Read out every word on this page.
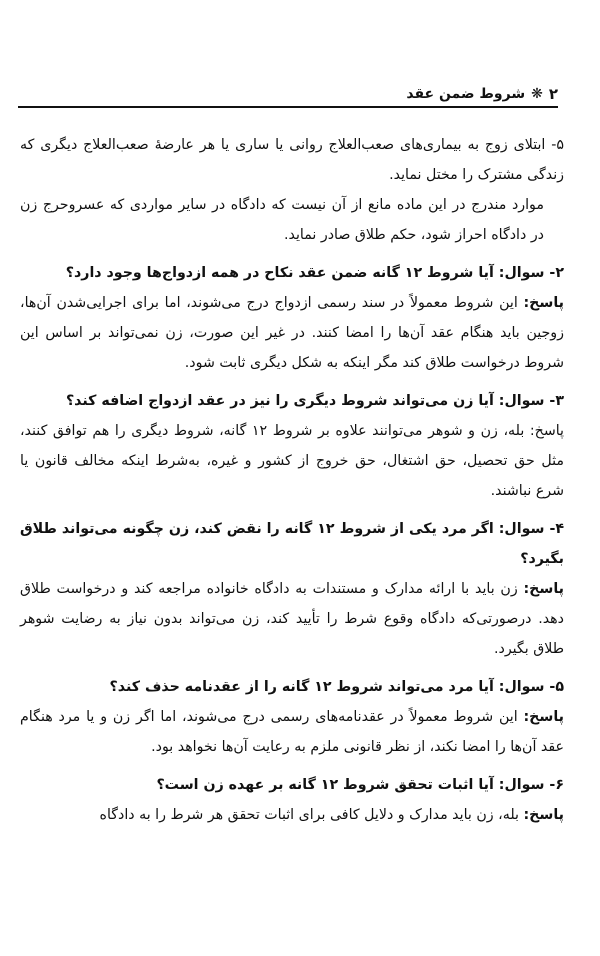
۲
❋
شروط ضمن عقد

۵- ابتلای زوج به بیماری‌های صعب‌العلاج روانی یا ساری یا هر عارضهٔ صعب‌العلاج دیگری که زندگی مشترک را مختل نماید.

موارد مندرج در این ماده مانع از آن نیست که دادگاه در سایر مواردی که عسروحرج زن در دادگاه احراز شود، حکم طلاق صادر نماید.

۲- سوال: آیا شروط ۱۲ گانه ضمن عقد نکاح در همه ازدواج‌ها وجود دارد؟

پاسخ: این شروط معمولاً در سند رسمی ازدواج درج می‌شوند، اما برای اجرایی‌شدن آن‌ها، زوجین باید هنگام عقد آن‌ها را امضا کنند. در غیر این صورت، زن نمی‌تواند بر اساس این شروط درخواست طلاق کند مگر اینکه به شکل دیگری ثابت شود.

۳- سوال: آیا زن می‌تواند شروط دیگری را نیز در عقد ازدواج اضافه کند؟

پاسخ: بله، زن و شوهر می‌توانند علاوه بر شروط ۱۲ گانه، شروط دیگری را هم توافق کنند، مثل حق تحصیل، حق اشتغال، حق خروج از کشور و غیره، به‌شرط اینکه مخالف قانون یا شرع نباشند.

۴- سوال: اگر مرد یکی از شروط ۱۲ گانه را نقض کند، زن چگونه می‌تواند طلاق بگیرد؟

پاسخ: زن باید با ارائه مدارک و مستندات به دادگاه خانواده مراجعه کند و درخواست طلاق دهد. درصورتی‌که دادگاه وقوع شرط را تأیید کند، زن می‌تواند بدون نیاز به رضایت شوهر طلاق بگیرد.

۵- سوال: آیا مرد می‌تواند شروط ۱۲ گانه را از عقدنامه حذف کند؟

پاسخ: این شروط معمولاً در عقدنامه‌های رسمی درج می‌شوند، اما اگر زن و یا مرد هنگام عقد آن‌ها را امضا نکند، از نظر قانونی ملزم به رعایت آن‌ها نخواهد بود.

۶- سوال: آیا اثبات تحقق شروط ۱۲ گانه بر عهده زن است؟

پاسخ: بله، زن باید مدارک و دلایل کافی برای اثبات تحقق هر شرط را به دادگاه
